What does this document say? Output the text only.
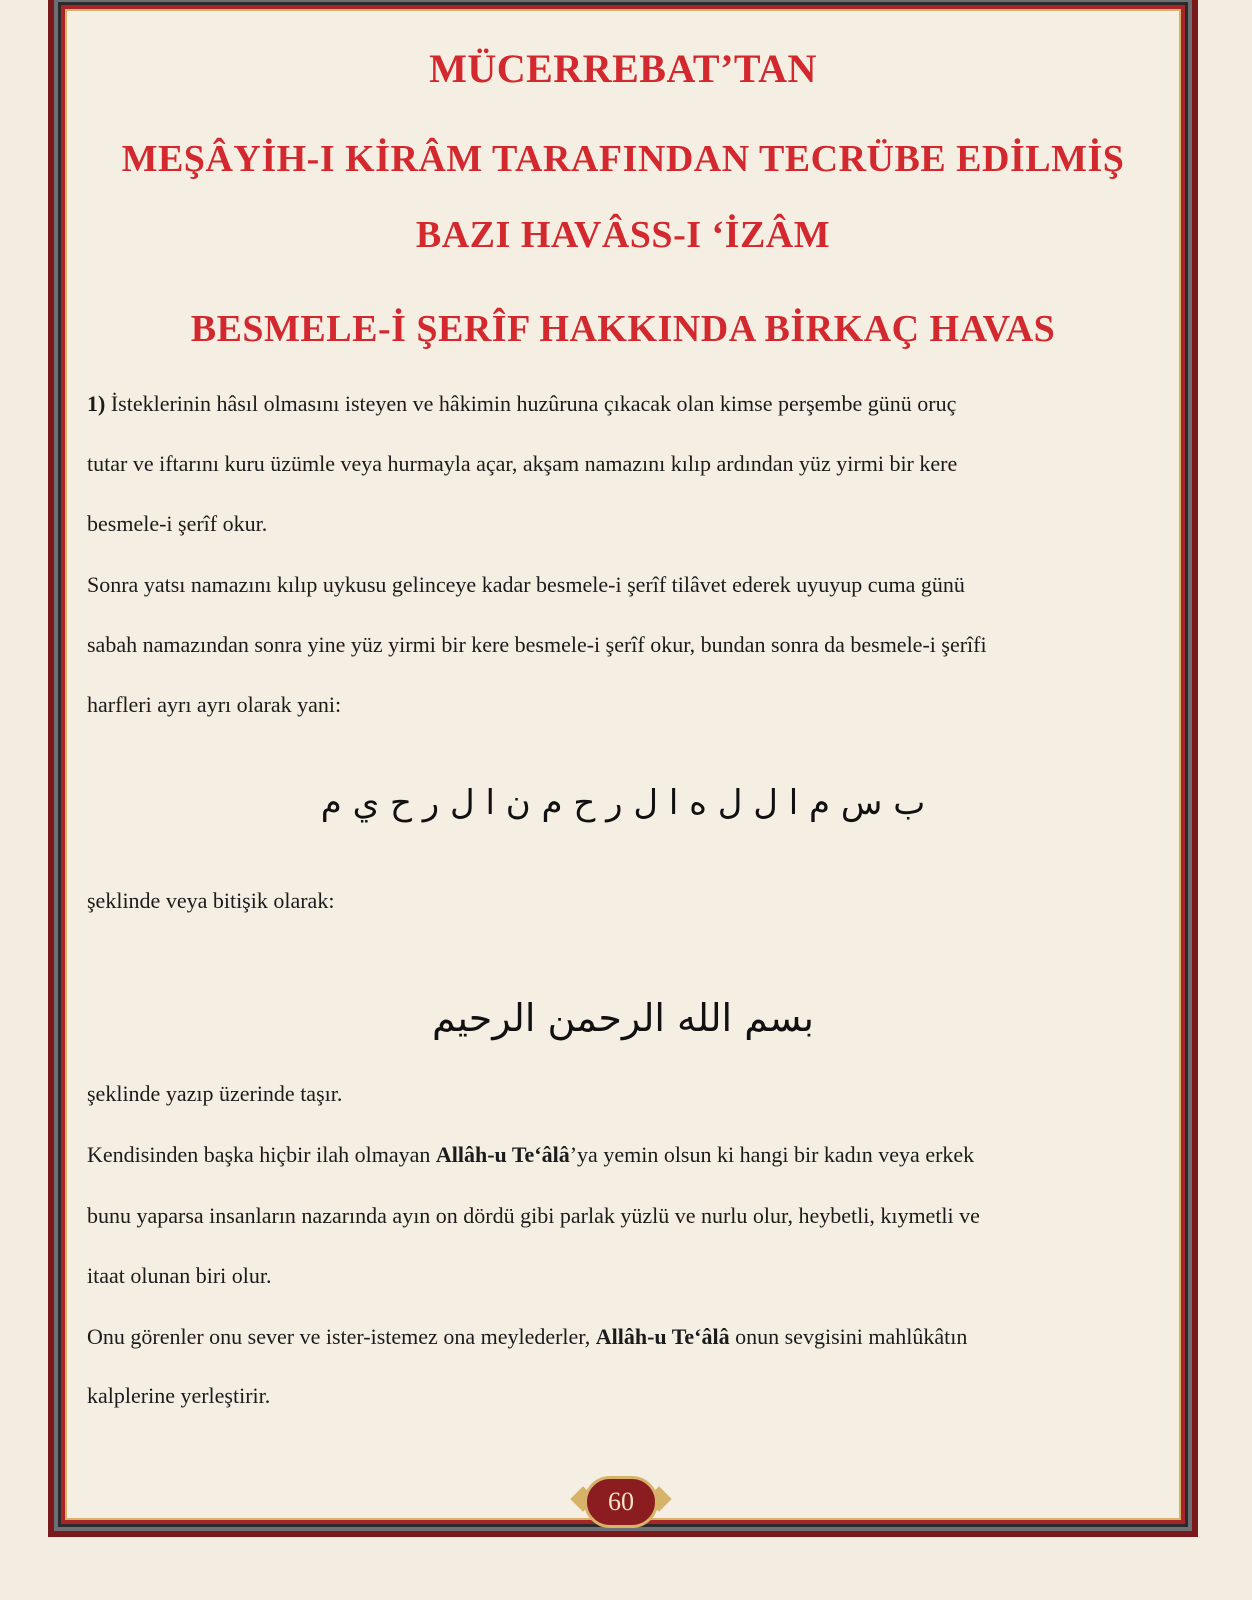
MÜCERREBAT’TAN
MEŞÂYİH-I KİRÂM TARAFINDAN TECRÜBE EDİLMİŞ
BAZI HAVÂSS-I ‘İZÂM
BESMELE-İ ŞERÎF HAKKINDA BİRKAÇ HAVAS
1) İsteklerinin hâsıl olmasını isteyen ve hâkimin huzûruna çıkacak olan kimse perşembe günü oruç
tutar ve iftarını kuru üzümle veya hurmayla açar, akşam namazını kılıp ardından yüz yirmi bir kere
besmele-i şerîf okur.
Sonra yatsı namazını kılıp uykusu gelinceye kadar besmele-i şerîf tilâvet ederek uyuyup cuma günü
sabah namazından sonra yine yüz yirmi bir kere besmele-i şerîf okur, bundan sonra da besmele-i şerîfi
harfleri ayrı ayrı olarak yani:
ب س م ا ل ل ه ا ل ر ح م ن ا ل ر ح ي م
şeklinde veya bitişik olarak:
بسم الله الرحمن الرحيم
şeklinde yazıp üzerinde taşır.
Kendisinden başka hiçbir ilah olmayan Allâh-u Te‘âlâ’ya yemin olsun ki hangi bir kadın veya erkek
bunu yaparsa insanların nazarında ayın on dördü gibi parlak yüzlü ve nurlu olur, heybetli, kıymetli ve
itaat olunan biri olur.
Onu görenler onu sever ve ister-istemez ona meylederler, Allâh-u Te‘âlâ onun sevgisini mahlûkâtın
kalplerine yerleştirir.
60
